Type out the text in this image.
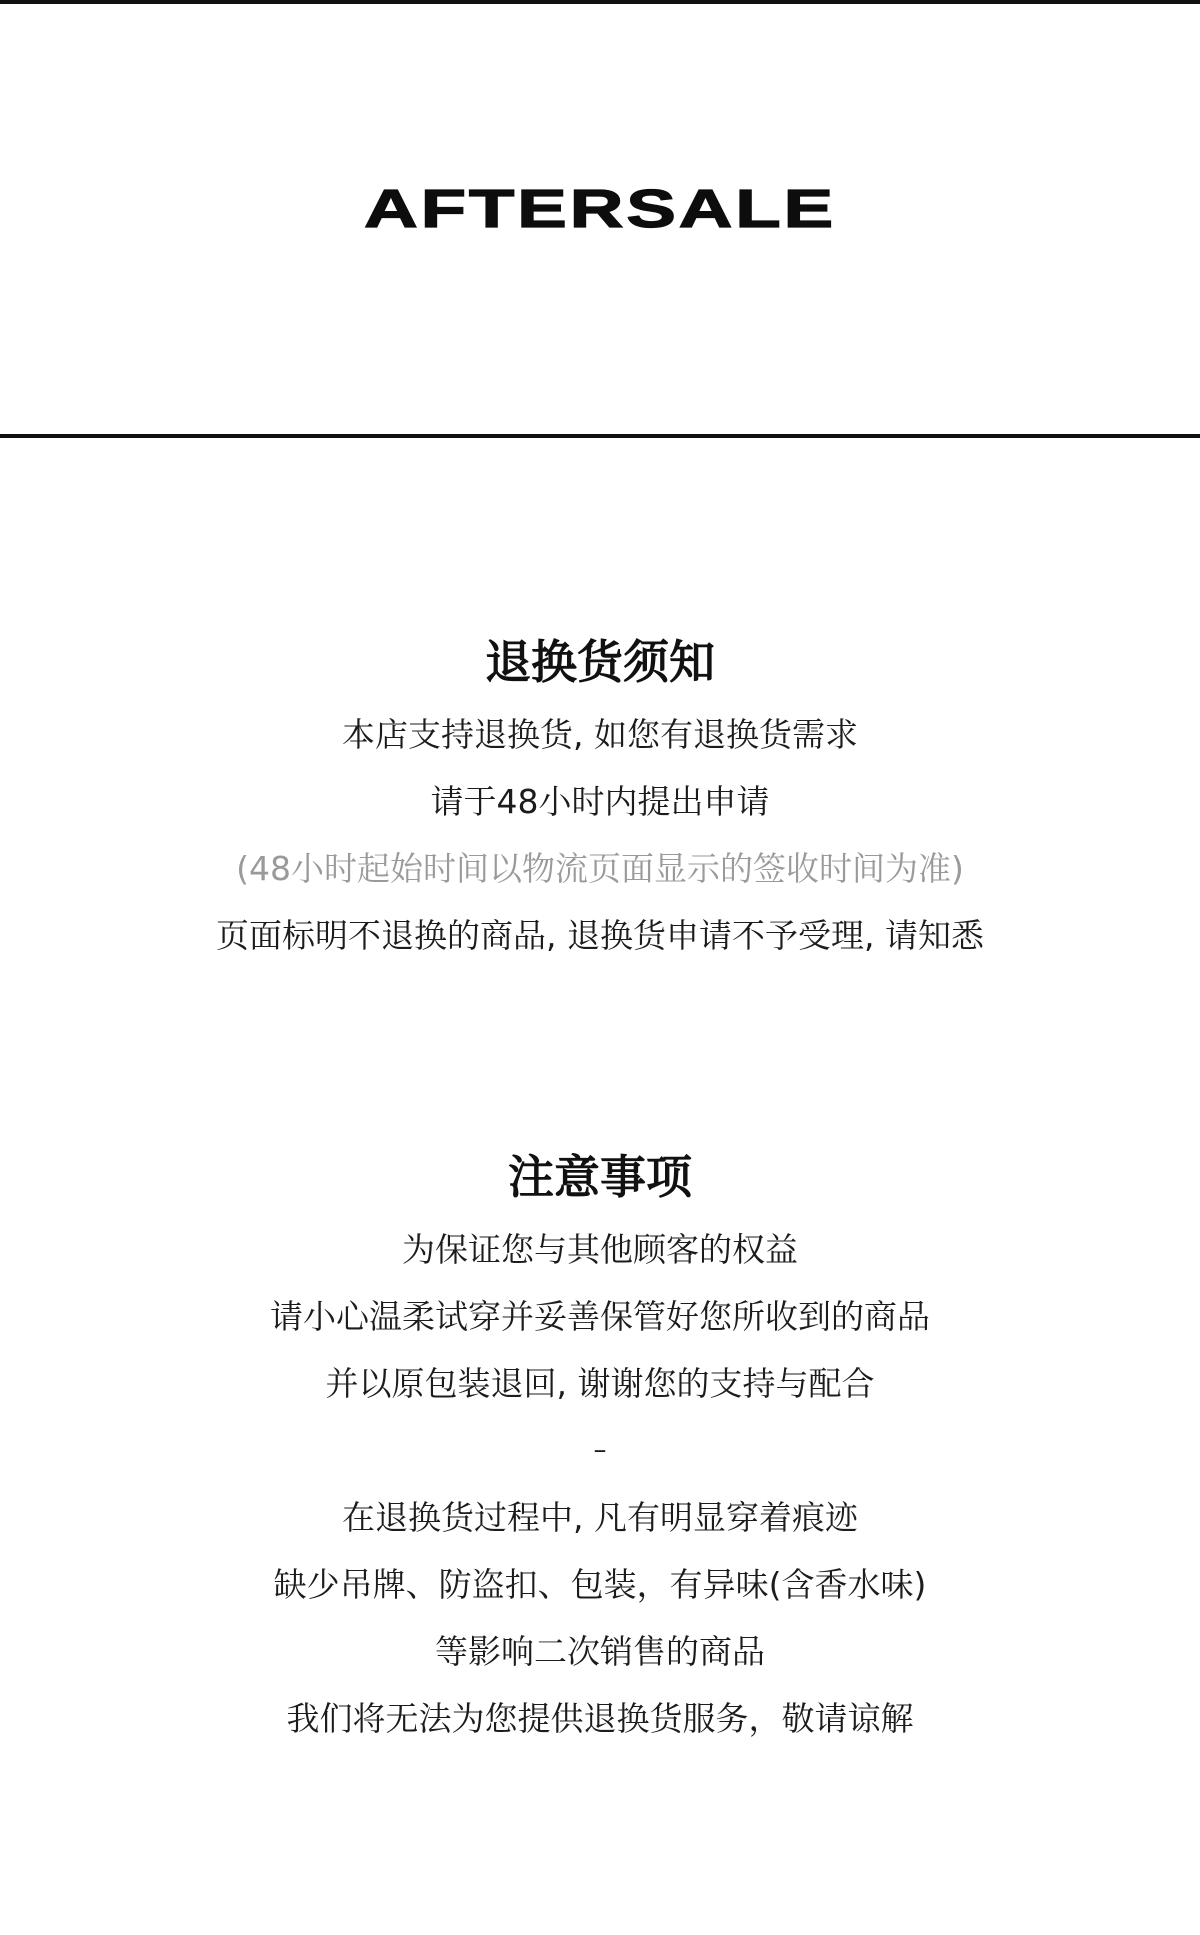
AFTERSALE
退换货须知
本店支持退换货, 如您有退换货需求
请于48小时内提出申请
(48小时起始时间以物流页面显示的签收时间为准)
页面标明不退换的商品, 退换货申请不予受理, 请知悉
注意事项
为保证您与其他顾客的权益
请小心温柔试穿并妥善保管好您所收到的商品
并以原包装退回, 谢谢您的支持与配合
–
在退换货过程中, 凡有明显穿着痕迹
缺少吊牌、防盗扣、包装，有异味(含香水味)
等影响二次销售的商品
我们将无法为您提供退换货服务，敬请谅解
